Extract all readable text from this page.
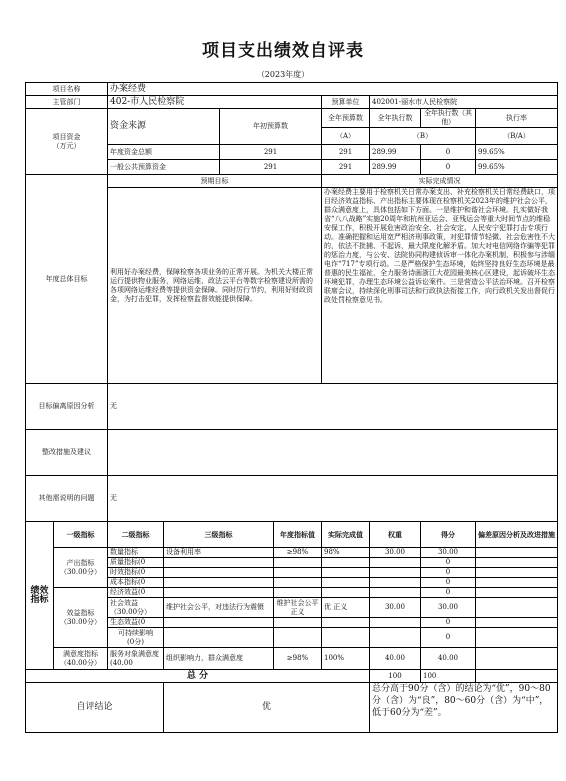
项目支出绩效自评表
（2023年度）
项目名称		办案经费							
主管部门		402-市人民检察院				预算单位	402001-丽水市人民检察院		
项目资金
（万元）		资金来源		年初预算数		全年预算数	全年执行数	全年执行数（其他）	执行率
						（A）	（B）		（B/A）
		年度资金总额		291		291	289.99	0	99.65%
		一般公共预算资金		291		291	289.99	0	99.65%
年度总体目标		预期目标				实际完成情况			
		利用好办案经费，保障检察各项业务的正常开展。为机关大楼正常运行提供物业服务，网络运维、政法云平台等数字检察建设所需的各项网络运维经费等提供资金保障。同时厉行节约，利用好财政资金，为打击犯罪，发挥检察监督效能提供保障。				办案经费主要用于检察机关日常办案支出、补充检察机关日常经费缺口，项目经济效益指标、产出指标主要体现在检察机关2023年的维护社会公平，群众满意度上，具体包括如下方面。一是维护和谐社会环境。扎实做好我省“八八战略”实施20周年和杭州亚运会、亚残运会等重大时间节点的维稳安保工作，积极开展危害政治安全、社会安定、人民安宁犯罪打击专项行动。准确把握和运用宽严相济刑事政策，对犯罪情节轻微、社会危害性不大的，依法不批捕、不起诉，最大限度化解矛盾。加大对电信网络诈骗等犯罪的惩治力度，与公安、法院协同构建侦诉审一体化办案机制，积极参与涉缅电诈“717”专项行动。二是严格保护生态环境，始终坚持良好生态环境是最普惠的民生福祉，全力服务诗画浙江大花园最美核心区建设，起诉破坏生态环境犯罪，办理生态环境公益诉讼案件。三是营造公平法治环境。召开检察联席会议，持续深化刑事司法和行政执法衔接工作，向行政机关发出督促行政处罚检察意见书。			
目标偏离原因分析		无							
整改措施及建议									
其他需说明的问题		无							
绩效指标	一级指标	二级指标	三级指标		年度指标值	实际完成值	权重	得分	偏差原因分析及改进措施
	产出指标
（30.00分）	数量指标	设备利用率		≥98%	98%	30.00	30.00	
		质量指标(0						0	
		时效指标(0						0	
		成本指标(0						0	
	效益指标
（30.00分）	经济效益(0						0	
		社会效益
（30.00分）	维护社会公平，对违法行为震慑		维护社会公平 正义	优 正义	30.00	30.00	
		生态效益(0						0	
		可持续影响
(0分)						0	
	满意度指标
（40.00分）	服务对象满意度(40.00	组织影响力，群众满意度		≥98%	100%	40.00	40.00	
总 分							100	100	
自评结论			优				总分高于90分（含）的结论为“优”，90～80分（含）为“良”，80～60分（含）为“中”，低于60分为“差”。		
